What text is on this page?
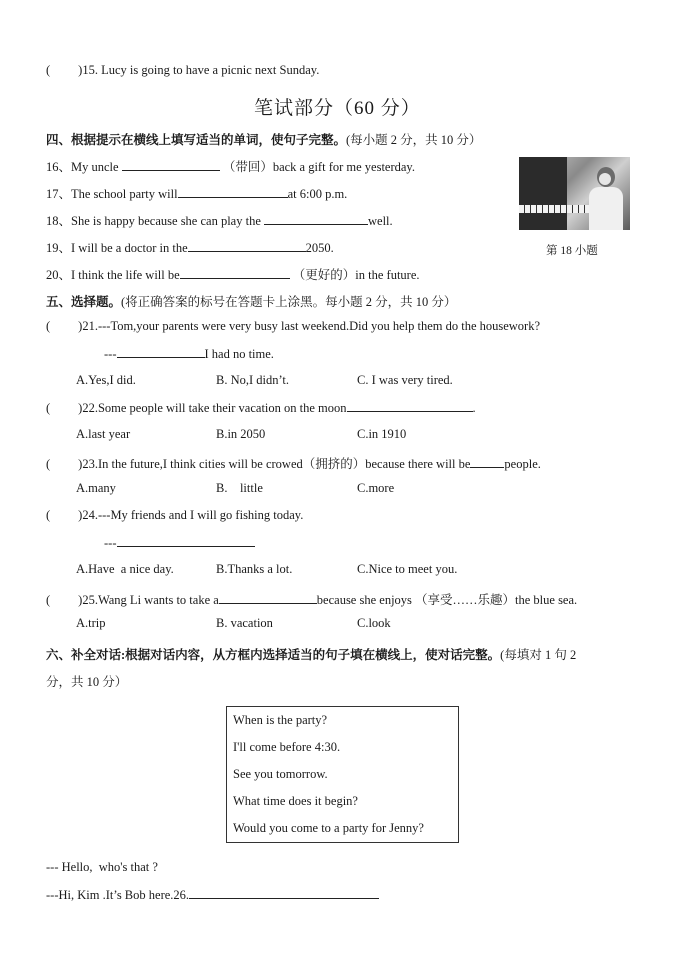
( )15. Lucy is going to have a picnic next Sunday.
笔试部分（60 分）
四、根据提示在横线上填写适当的单词，使句子完整。(每小题 2 分，共 10 分）
16、My uncle	（带回）back a gift for me yesterday.
17、The school party will	at 6:00 p.m.
18、She is happy because she can play the	well.
19、I will be a doctor in the	2050.
20、I think the life will be	（更好的）in the future.
第 18 小题
五、选择题。(将正确答案的标号在答题卡上涂黑。每小题 2 分，共 10 分）
( )21.---Tom,your parents were very busy last weekend.Did you help them do the housework?
---	I had no time.
A.Yes,I did.	B. No,I didn’t.	C. I was very tired.
( )22.Some people will take their vacation on the moon	.
A.last year	B.in 2050	C.in 1910
( )23.In the future,I think cities will be crowed（拥挤的）because there will be	people.
A.many	B.    little	C.more
( )24.---My friends and I will go fishing today.
---
A.Have  a nice day.	B.Thanks a lot.	C.Nice to meet you.
( )25.Wang Li wants to take a	because she enjoys （享受……乐趣）the blue sea.
A.trip	B. vacation	C.look
六、补全对话:根据对话内容，从方框内选择适当的句子填在横线上，使对话完整。(每填对 1 句 2
分，共 10 分）
When is the party?
I'll come before 4:30.
See you tomorrow.
What time does it begin?
Would you come to a party for Jenny?
--- Hello,  who's that ?
---Hi, Kim .It’s Bob here.26.
